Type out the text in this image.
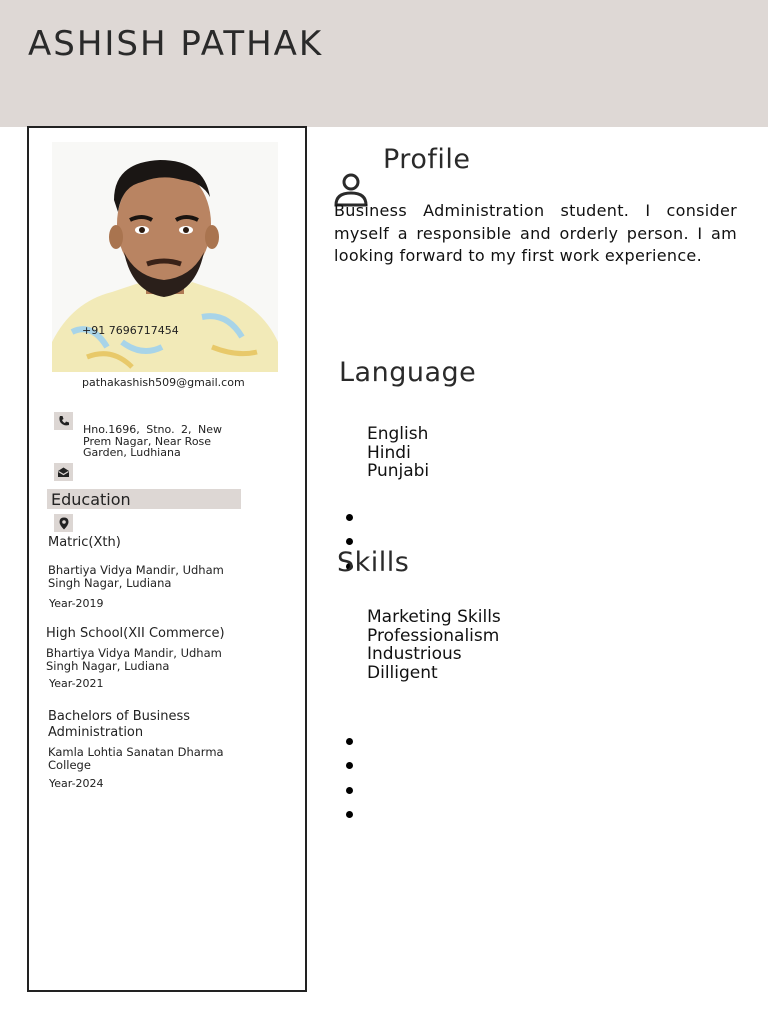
ASHISH PATHAK
+91 7696717454
pathakashish509@gmail.com
Hno.1696, Stno. 2, New
Prem Nagar, Near Rose
Garden, Ludhiana
Education
Matric(Xth)
Bhartiya Vidya Mandir, Udham
Singh Nagar, Ludiana
Year-2019
High School(XII Commerce)
Bhartiya Vidya Mandir, Udham
Singh Nagar, Ludiana
Year-2021
Bachelors of Business
Administration
Kamla Lohtia Sanatan Dharma
College
Year-2024
Profile
Business Administration student. I consider myself a responsible and orderly person. I am looking forward to my first work experience.
Language
English
Hindi
Punjabi
Skills
Marketing Skills
Professionalism
Industrious
Dilligent
